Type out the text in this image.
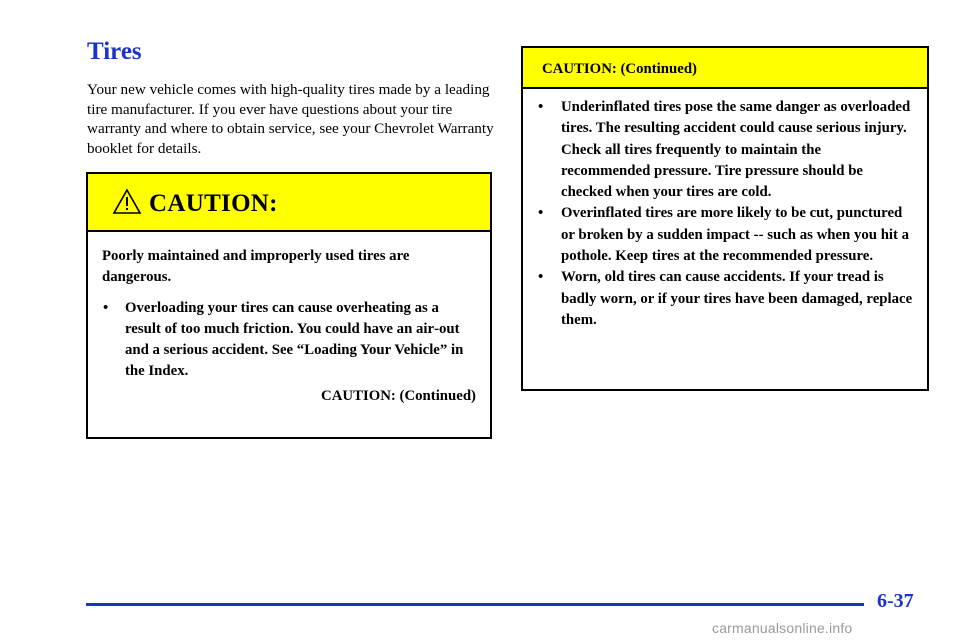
Tires

Your new vehicle comes with high‑quality tires made by a leading tire manufacturer. If you ever have questions about your tire warranty and where to obtain service, see your Chevrolet Warranty booklet for details.

CAUTION:

Poorly maintained and improperly used tires are dangerous.

• Overloading your tires can cause overheating as a result of too much friction. You could have an air‑out and a serious accident. See “Loading Your Vehicle” in the Index.
CAUTION: (Continued)
CAUTION: (Continued)
• Underinflated tires pose the same danger as overloaded tires. The resulting accident could cause serious injury. Check all tires frequently to maintain the recommended pressure. Tire pressure should be checked when your tires are cold.
• Overinflated tires are more likely to be cut, punctured or broken by a sudden impact ‑‑ such as when you hit a pothole. Keep tires at the recommended pressure.
• Worn, old tires can cause accidents. If your tread is badly worn, or if your tires have been damaged, replace them.
6-37
carmanualsonline.info
